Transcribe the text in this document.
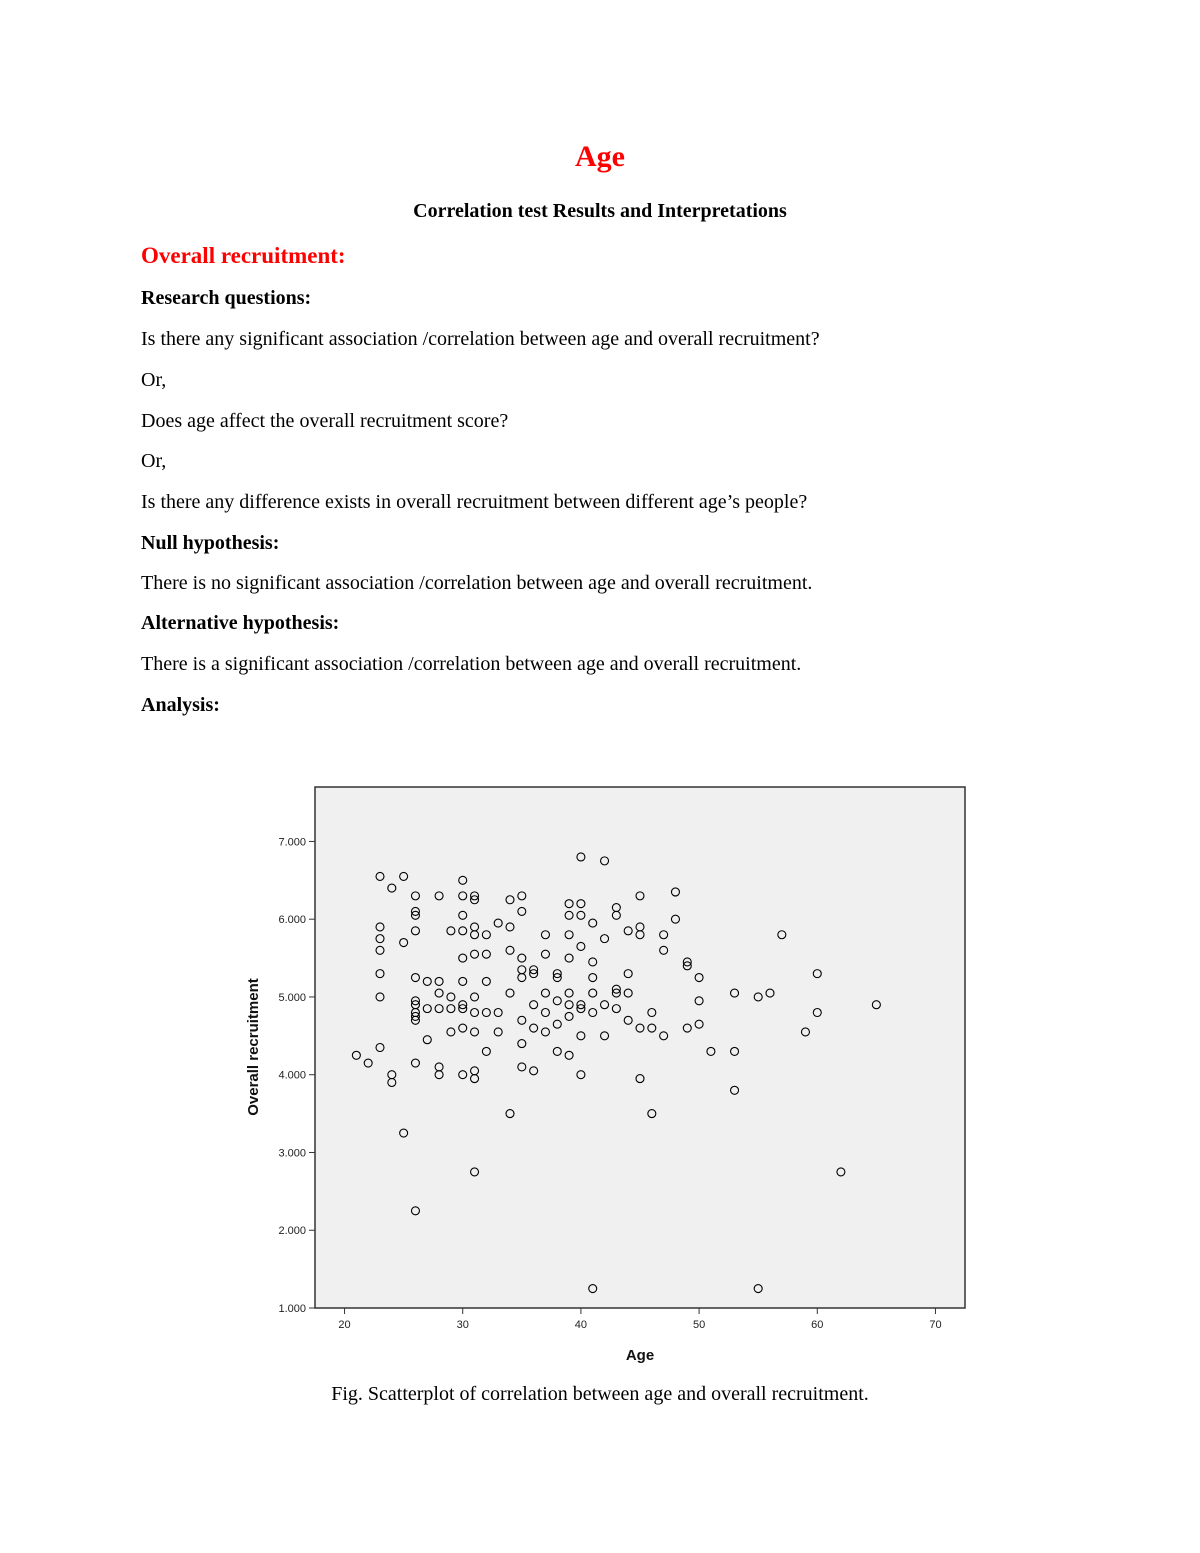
Age
Correlation test Results and Interpretations
Overall recruitment:
Research questions:
Is there any significant association /correlation between age and overall recruitment?
Or,
Does age affect the overall recruitment score?
Or,
Is there any difference exists in overall recruitment between different age’s people?
Null hypothesis:
There is no significant association /correlation between age and overall recruitment.
Alternative hypothesis:
There is a significant association /correlation between age and overall recruitment.
Analysis:
1.000
2.000
3.000
4.000
5.000
6.000
7.000
20	30	40	50	60	70
Age
Overall recruitment
Fig. Scatterplot of correlation between age and overall recruitment.
